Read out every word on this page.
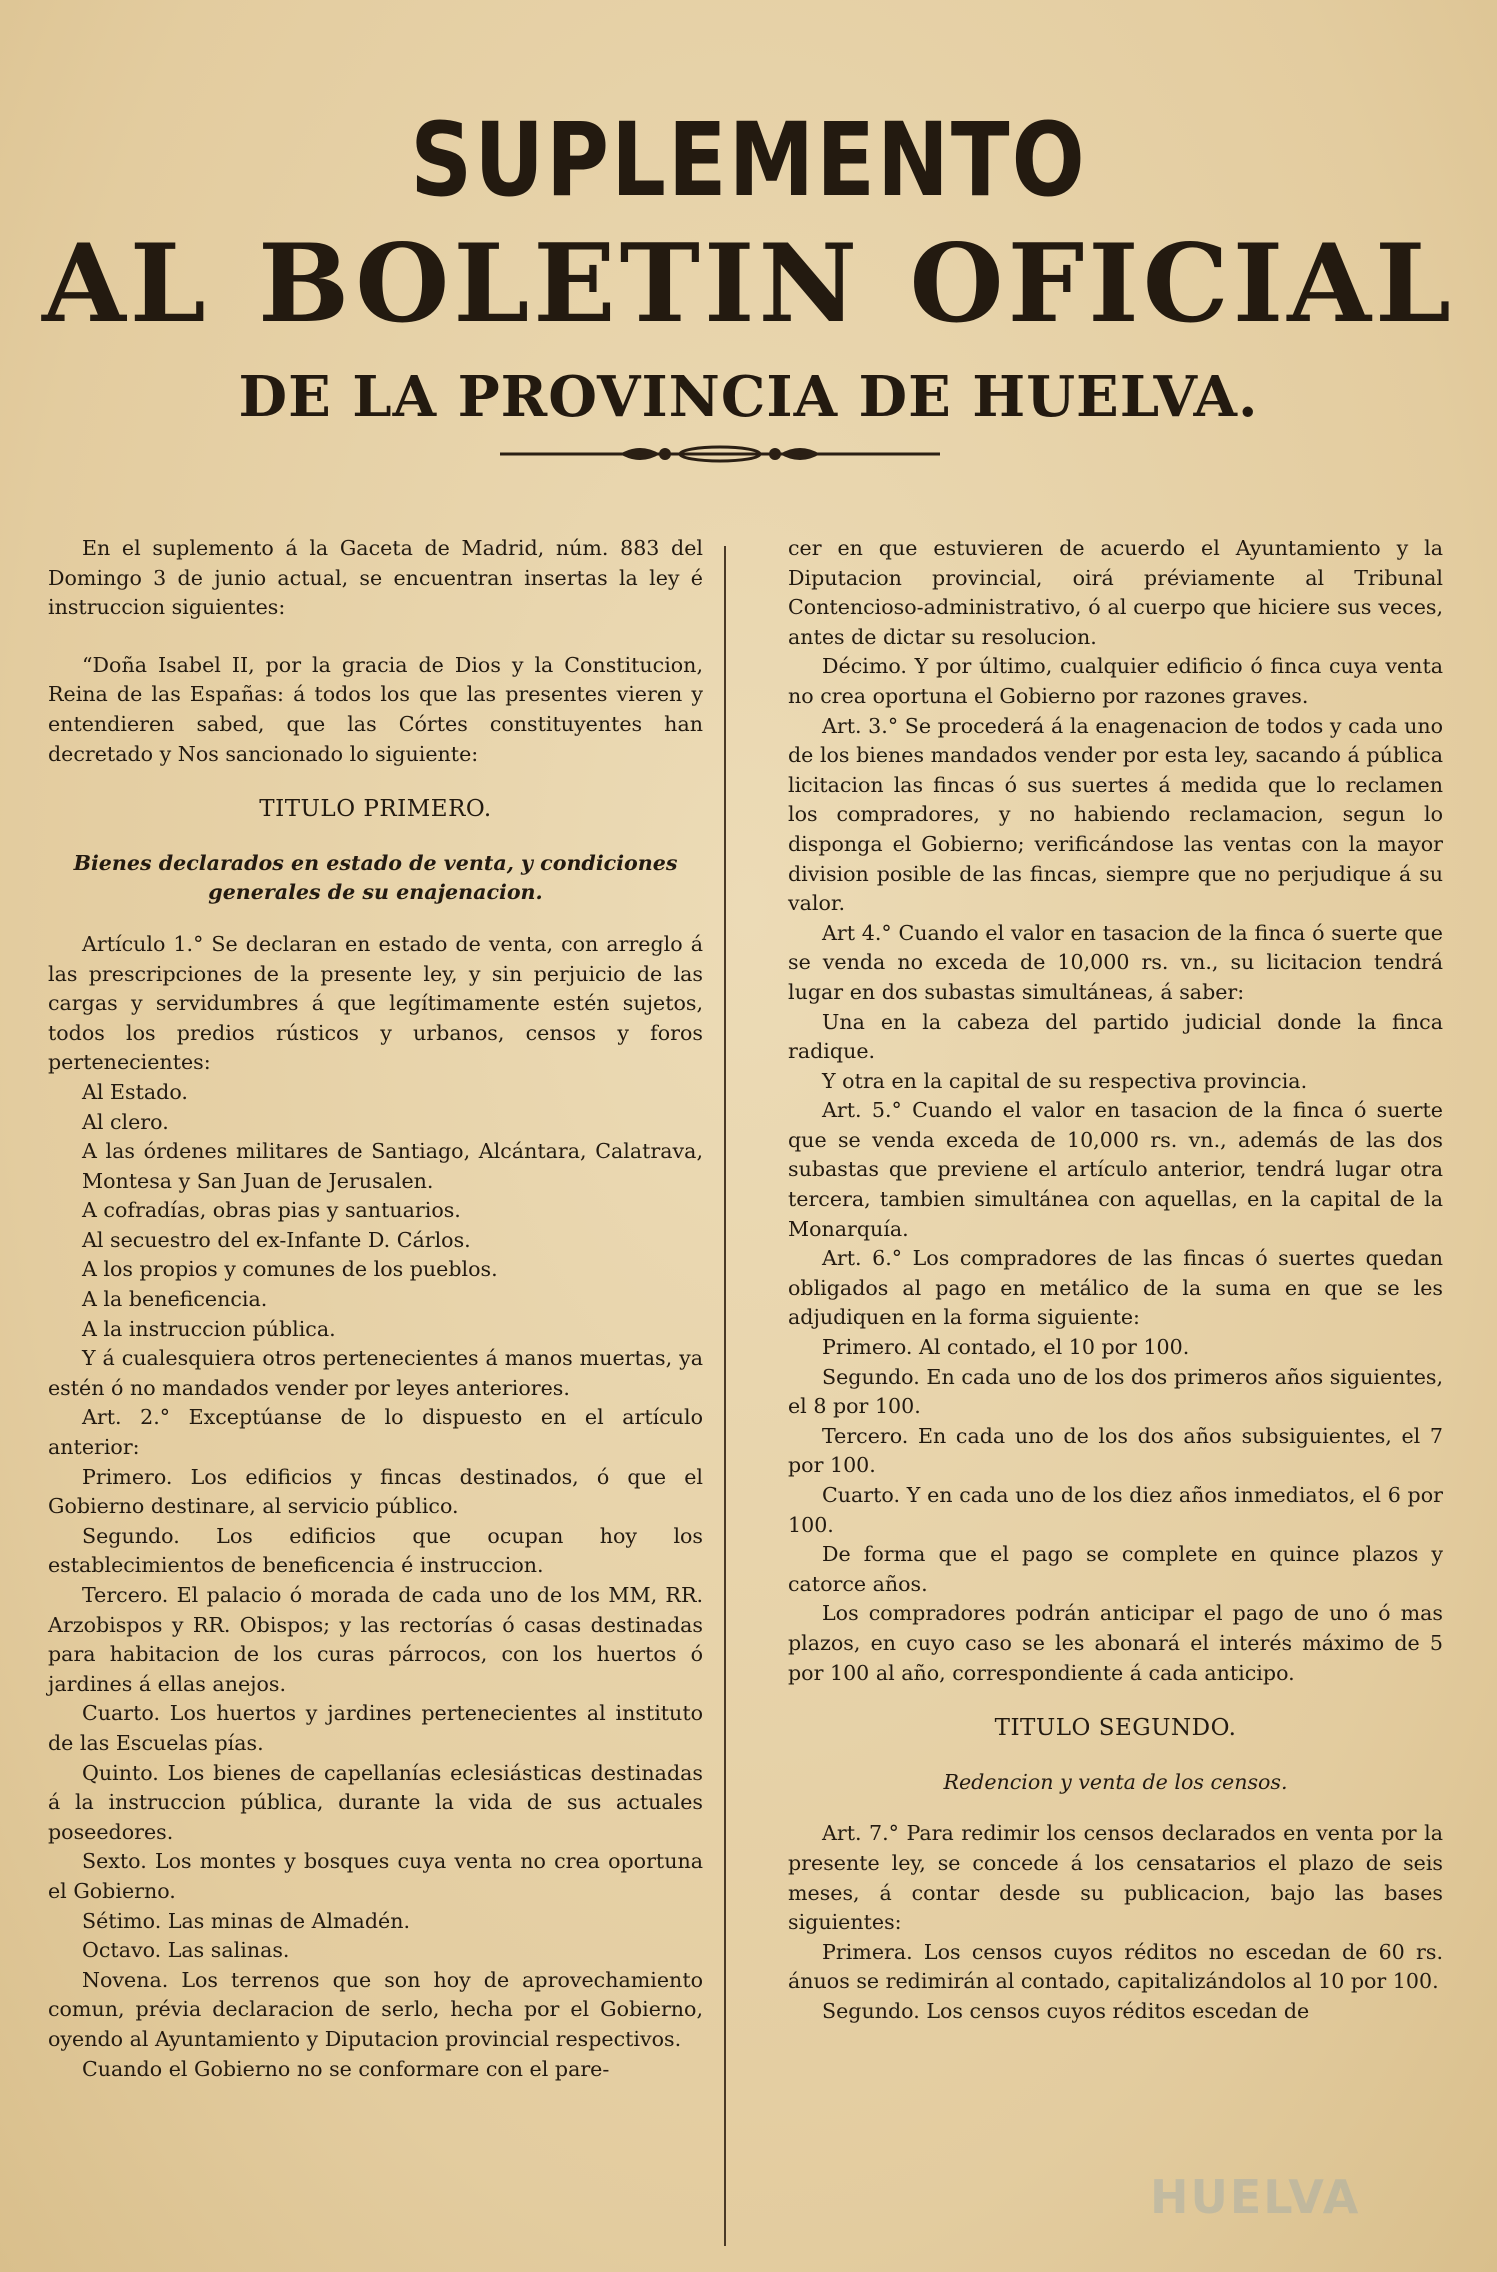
SUPLEMENTO
AL BOLETIN OFICIAL
DE LA PROVINCIA DE HUELVA.

En el suplemento á la Gaceta de Madrid, núm. 883 del Domingo 3 de junio actual, se encuentran insertas la ley é instruccion siguientes:

“Doña Isabel II, por la gracia de Dios y la Constitucion, Reina de las Españas: á todos los que las presentes vieren y entendieren sabed, que las Córtes constituyentes han decretado y Nos sancionado lo siguiente:

TITULO PRIMERO.

Bienes declarados en estado de venta, y condiciones generales de su enajenacion.

Artículo 1.° Se declaran en estado de venta, con arreglo á las prescripciones de la presente ley, y sin perjuicio de las cargas y servidumbres á que legítimamente estén sujetos, todos los predios rústicos y urbanos, censos y foros pertenecientes:

Al Estado.

Al clero.

A las órdenes militares de Santiago, Alcántara, Calatrava, Montesa y San Juan de Jerusalen.

A cofradías, obras pias y santuarios.

Al secuestro del ex-Infante D. Cárlos.

A los propios y comunes de los pueblos.

A la beneficencia.

A la instruccion pública.

Y á cualesquiera otros pertenecientes á manos muertas, ya estén ó no mandados vender por leyes anteriores.

Art. 2.° Exceptúanse de lo dispuesto en el artículo anterior:

Primero. Los edificios y fincas destinados, ó que el Gobierno destinare, al servicio público.

Segundo. Los edificios que ocupan hoy los establecimientos de beneficencia é instruccion.

Tercero. El palacio ó morada de cada uno de los MM, RR. Arzobispos y RR. Obispos; y las rectorías ó casas destinadas para habitacion de los curas párrocos, con los huertos ó jardines á ellas anejos.

Cuarto. Los huertos y jardines pertenecientes al instituto de las Escuelas pías.

Quinto. Los bienes de capellanías eclesiásticas destinadas á la instruccion pública, durante la vida de sus actuales poseedores.

Sexto. Los montes y bosques cuya venta no crea oportuna el Gobierno.

Sétimo. Las minas de Almadén.

Octavo. Las salinas.

Novena. Los terrenos que son hoy de aprovechamiento comun, prévia declaracion de serlo, hecha por el Gobierno, oyendo al Ayuntamiento y Diputacion provincial respectivos.

Cuando el Gobierno no se conformare con el pare-

cer en que estuvieren de acuerdo el Ayuntamiento y la Diputacion provincial, oirá préviamente al Tribunal Contencioso-administrativo, ó al cuerpo que hiciere sus veces, antes de dictar su resolucion.

Décimo. Y por último, cualquier edificio ó finca cuya venta no crea oportuna el Gobierno por razones graves.

Art. 3.° Se procederá á la enagenacion de todos y cada uno de los bienes mandados vender por esta ley, sacando á pública licitacion las fincas ó sus suertes á medida que lo reclamen los compradores, y no habiendo reclamacion, segun lo disponga el Gobierno; verificándose las ventas con la mayor division posible de las fincas, siempre que no perjudique á su valor.

Art 4.° Cuando el valor en tasacion de la finca ó suerte que se venda no exceda de 10,000 rs. vn., su licitacion tendrá lugar en dos subastas simultáneas, á saber:

Una en la cabeza del partido judicial donde la finca radique.

Y otra en la capital de su respectiva provincia.

Art. 5.° Cuando el valor en tasacion de la finca ó suerte que se venda exceda de 10,000 rs. vn., además de las dos subastas que previene el artículo anterior, tendrá lugar otra tercera, tambien simultánea con aquellas, en la capital de la Monarquía.

Art. 6.° Los compradores de las fincas ó suertes quedan obligados al pago en metálico de la suma en que se les adjudiquen en la forma siguiente:

Primero. Al contado, el 10 por 100.

Segundo. En cada uno de los dos primeros años siguientes, el 8 por 100.

Tercero. En cada uno de los dos años subsiguientes, el 7 por 100.

Cuarto. Y en cada uno de los diez años inmediatos, el 6 por 100.

De forma que el pago se complete en quince plazos y catorce años.

Los compradores podrán anticipar el pago de uno ó mas plazos, en cuyo caso se les abonará el interés máximo de 5 por 100 al año, correspondiente á cada anticipo.

TITULO SEGUNDO.

Redencion y venta de los censos.

Art. 7.° Para redimir los censos declarados en venta por la presente ley, se concede á los censatarios el plazo de seis meses, á contar desde su publicacion, bajo las bases siguientes:

Primera. Los censos cuyos réditos no escedan de 60 rs. ánuos se redimirán al contado, capitalizándolos al 10 por 100.

Segundo. Los censos cuyos réditos escedan de

HUELVA
